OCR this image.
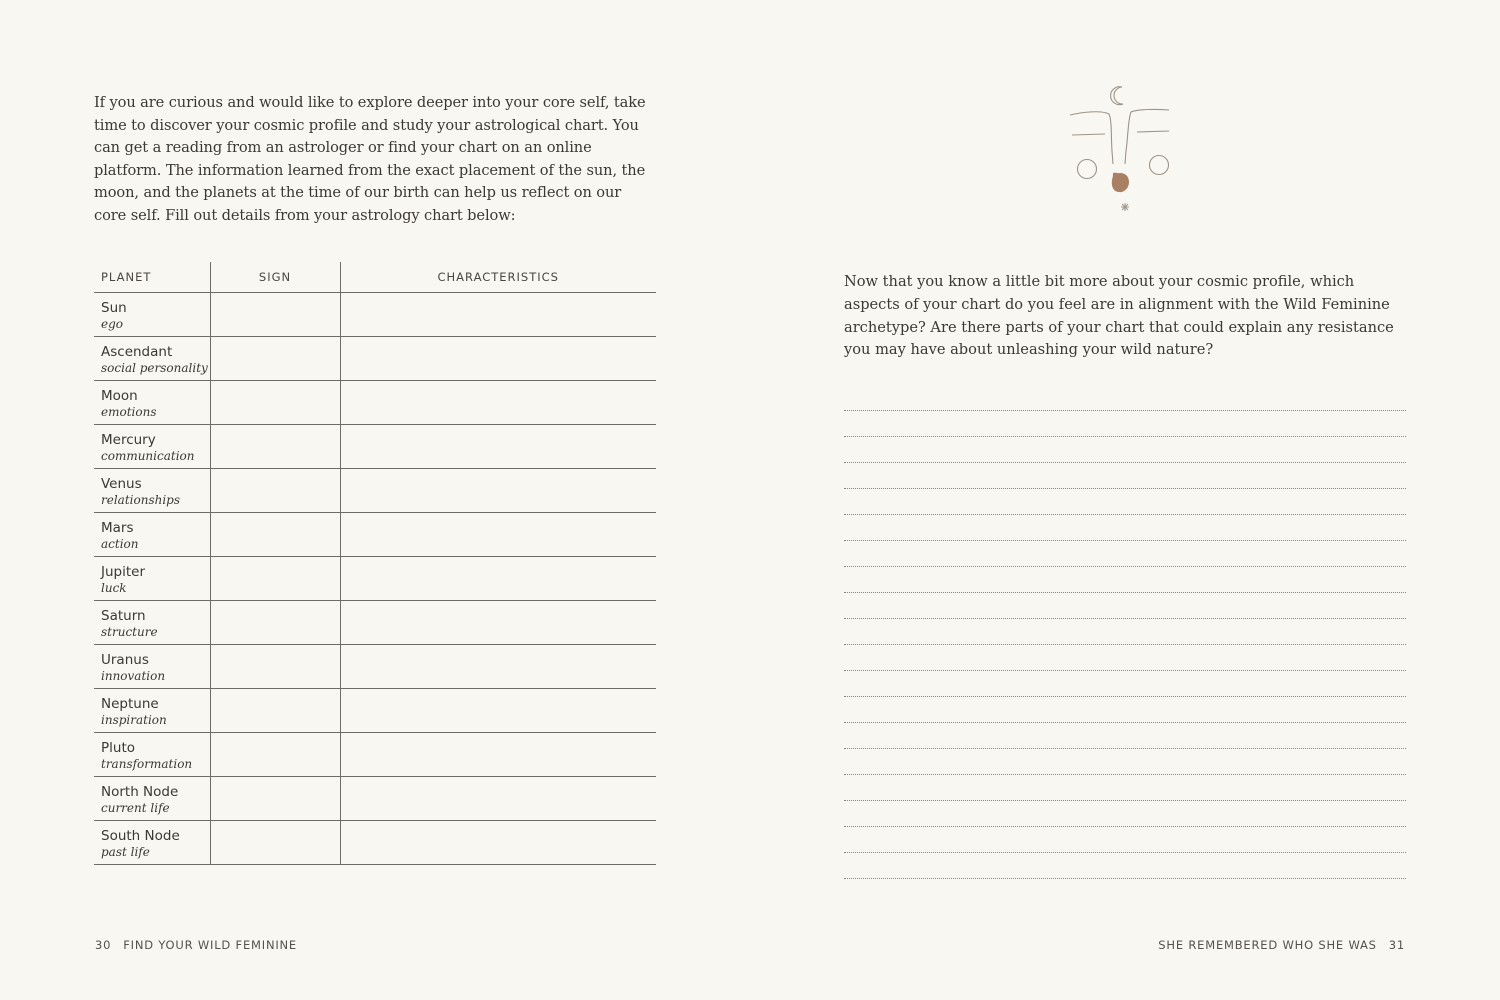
If you are curious and would like to explore deeper into your core self, take time to discover your cosmic profile and study your astrological chart. You can get a reading from an astrologer or find your chart on an online platform. The information learned from the exact placement of the sun, the moon, and the planets at the time of our birth can help us reflect on our core self. Fill out details from your astrology chart below:

PLANET	SIGN	CHARACTERISTICS

Sun
ego		

Ascendant
social personality		

Moon
emotions		

Mercury
communication		

Venus
relationships		

Mars
action		

Jupiter
luck		

Saturn
structure		

Uranus
innovation		

Neptune
inspiration		

Pluto
transformation		

North Node
current life		

South Node
past life		

30 FIND YOUR WILD FEMININE

Now that you know a little bit more about your cosmic profile, which aspects of your chart do you feel are in alignment with the Wild Feminine archetype? Are there parts of your chart that could explain any resistance you may have about unleashing your wild nature?

SHE REMEMBERED WHO SHE WAS 31
